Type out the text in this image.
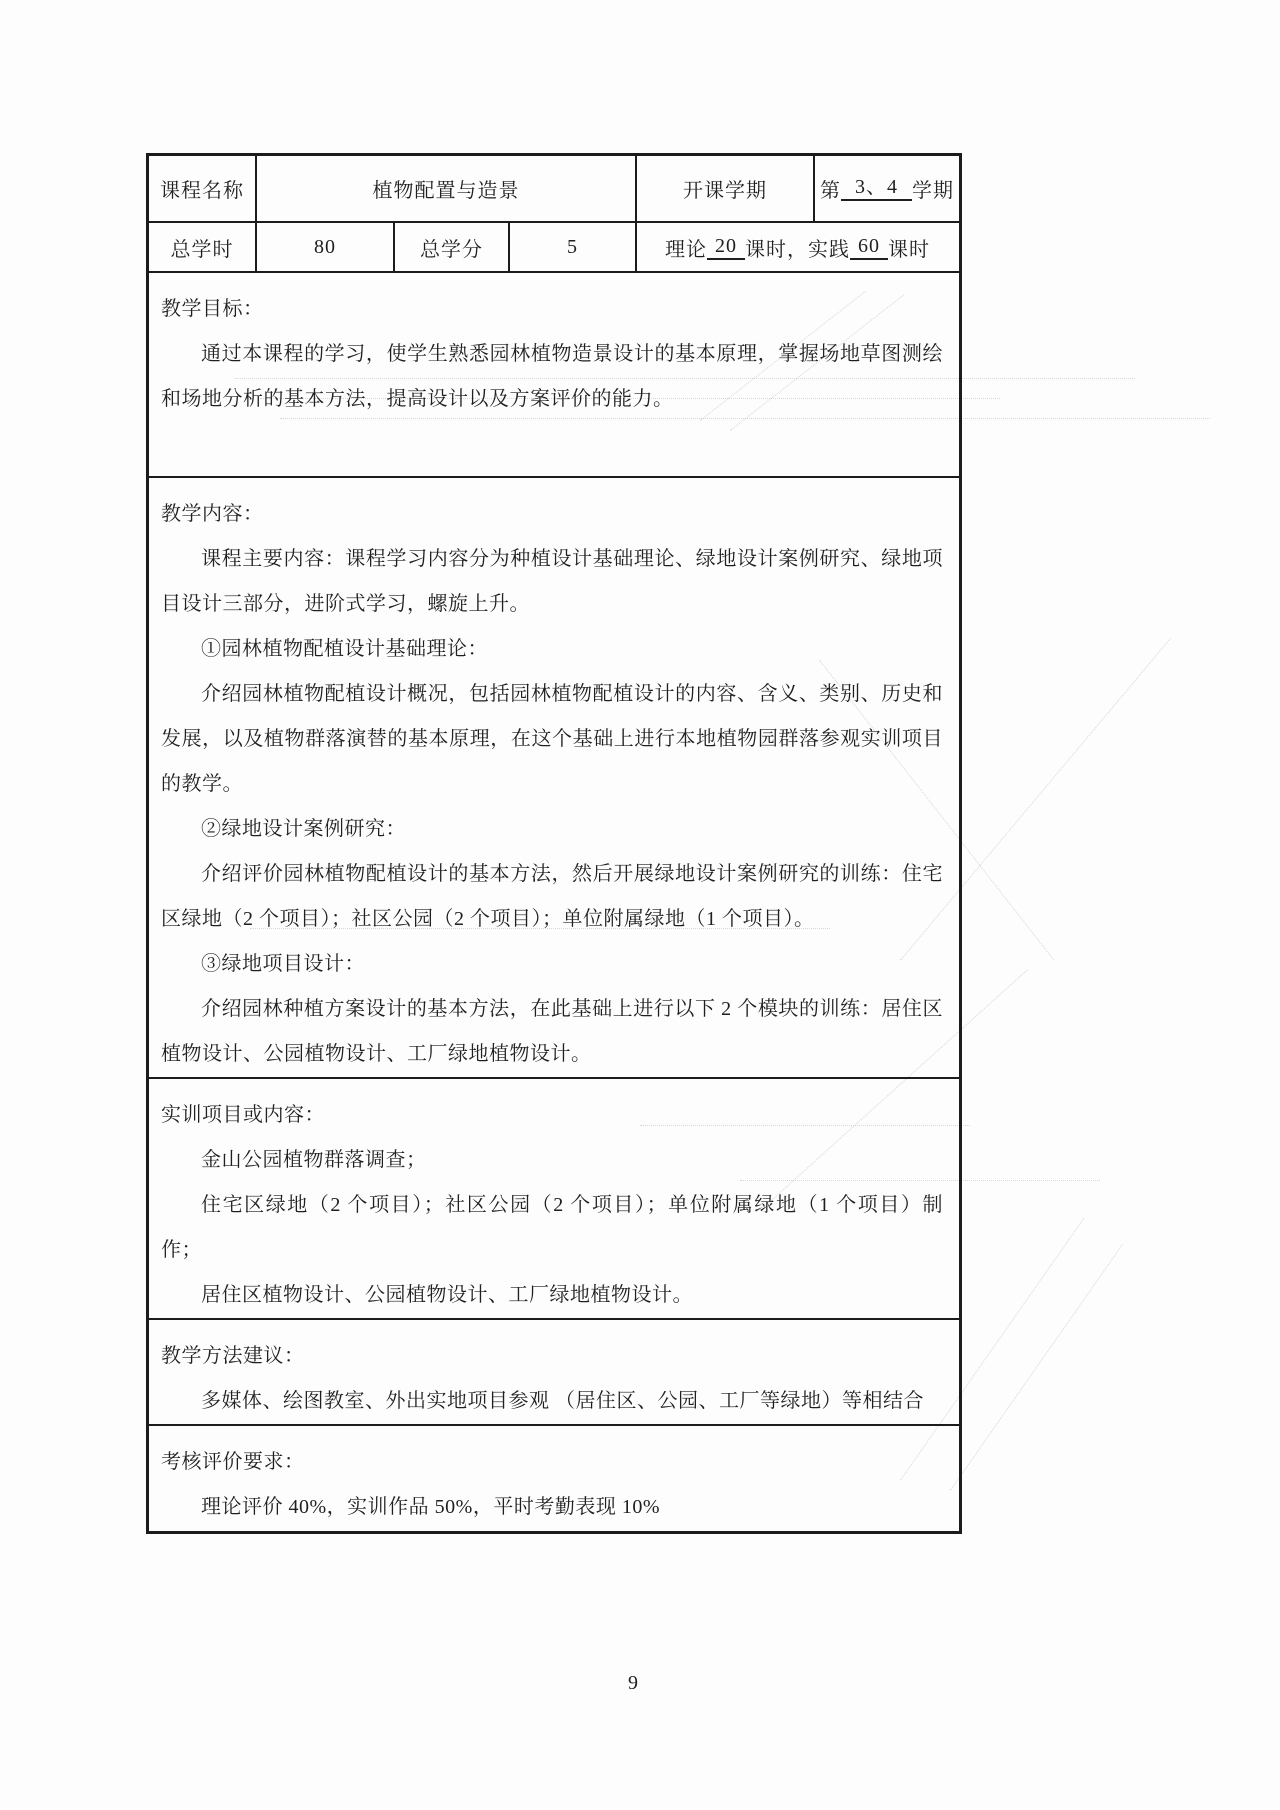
课程名称	植物配置与造景	开课学期	第 3、4 学期
总学时	80	总学分	5	理论 20 课时， 实践 60 课时

教学目标：

通过本课程的学习，使学生熟悉园林植物造景设计的基本原理，掌握场地草图测绘和场地分析的基本方法，提高设计以及方案评价的能力。

教学内容：

课程主要内容：课程学习内容分为种植设计基础理论、绿地设计案例研究、绿地项目设计三部分，进阶式学习，螺旋上升。

①园林植物配植设计基础理论：

介绍园林植物配植设计概况，包括园林植物配植设计的内容、含义、类别、历史和发展，以及植物群落演替的基本原理，在这个基础上进行本地植物园群落参观实训项目的教学。

②绿地设计案例研究：

介绍评价园林植物配植设计的基本方法，然后开展绿地设计案例研究的训练：住宅区绿地（2 个项目）；社区公园（2 个项目）；单位附属绿地（1 个项目）。

③绿地项目设计：

介绍园林种植方案设计的基本方法，在此基础上进行以下 2 个模块的训练：居住区植物设计、公园植物设计、工厂绿地植物设计。

实训项目或内容：

金山公园植物群落调查；

住宅区绿地（2 个项目）；社区公园（2 个项目）；单位附属绿地（1 个项目）制作；

居住区植物设计、公园植物设计、工厂绿地植物设计。

教学方法建议：

多媒体、绘图教室、外出实地项目参观 （居住区、公园、工厂等绿地）等相结合

考核评价要求：

理论评价 40%，实训作品 50%，平时考勤表现 10%

9
